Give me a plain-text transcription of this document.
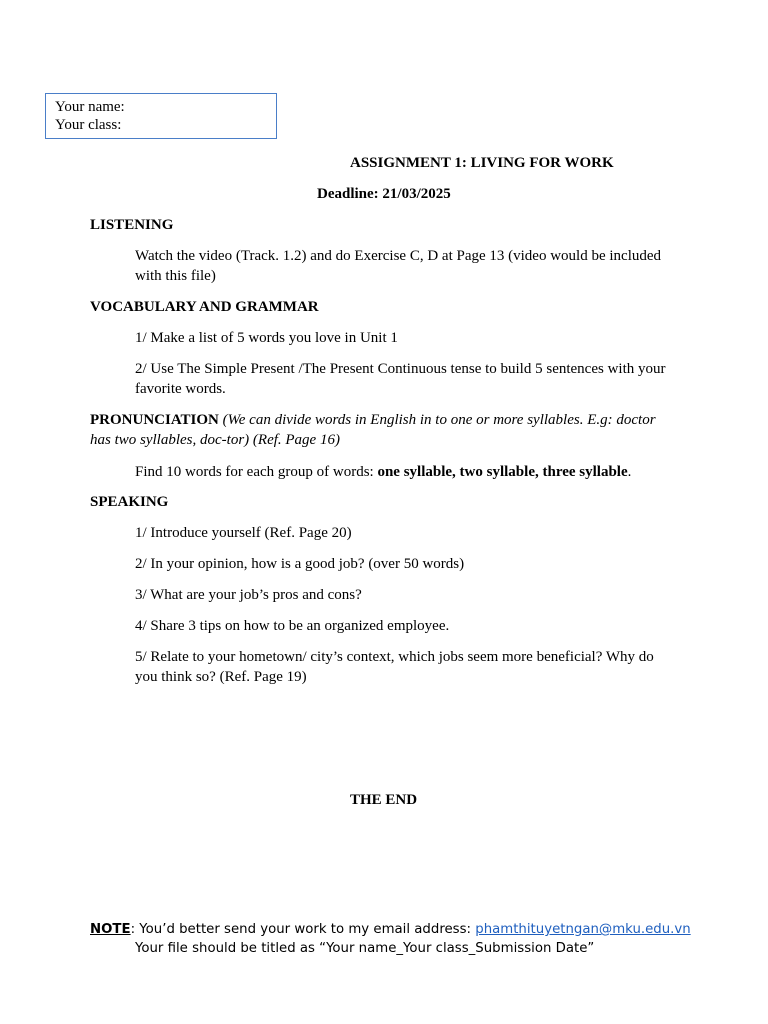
Your name:
Your class:
ASSIGNMENT 1: LIVING FOR WORK
Deadline: 21/03/2025
LISTENING
Watch the video (Track. 1.2) and do Exercise C, D at Page 13 (video would be included with this file)
VOCABULARY AND GRAMMAR
1/ Make a list of 5 words you love in Unit 1
2/ Use The Simple Present /The Present Continuous tense to build 5 sentences with your favorite words.
PRONUNCIATION (We can divide words in English in to one or more syllables. E.g: doctor has two syllables, doc-tor) (Ref. Page 16)
Find 10 words for each group of words: one syllable, two syllable, three syllable.
SPEAKING
1/ Introduce yourself (Ref. Page 20)
2/ In your opinion, how is a good job? (over 50 words)
3/ What are your job’s pros and cons?
4/ Share 3 tips on how to be an organized employee.
5/ Relate to your hometown/ city’s context, which jobs seem more beneficial? Why do you think so? (Ref. Page 19)
THE END
NOTE: You’d better send your work to my email address: phamthituyetngan@mku.edu.vn
Your file should be titled as “Your name_Your class_Submission Date”
